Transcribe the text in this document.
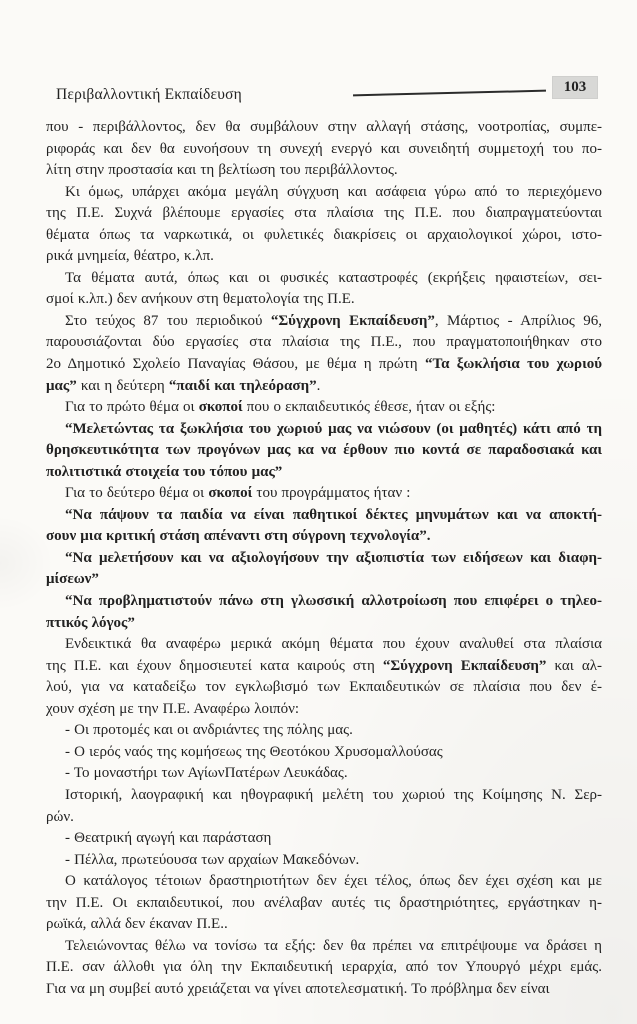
Περιβαλλοντική Εκπαίδευση	103
που - περιβάλλοντος, δεν θα συμβάλουν στην αλλαγή στάσης, νοοτροπίας, συμπε-
ριφοράς και δεν θα ευνοήσουν τη συνεχή ενεργό και συνειδητή συμμετοχή του πο-
λίτη στην προστασία και τη βελτίωση του περιβάλλοντος.
Κι όμως, υπάρχει ακόμα μεγάλη σύγχυση και ασάφεια γύρω από το περιεχόμενο
της Π.Ε. Συχνά βλέπουμε εργασίες στα πλαίσια της Π.Ε. που διαπραγματεύονται
θέματα όπως τα ναρκωτικά, οι φυλετικές διακρίσεις οι αρχαιολογικοί χώροι, ιστο-
ρικά μνημεία, θέατρο, κ.λπ.
Τα θέματα αυτά, όπως και οι φυσικές καταστροφές (εκρήξεις ηφαιστείων, σει-
σμοί κ.λπ.) δεν ανήκουν στη θεματολογία της Π.Ε.
Στο τεύχος 87 του περιοδικού “Σύγχρονη Εκπαίδευση”, Μάρτιος - Απρίλιος 96,
παρουσιάζονται δύο εργασίες στα πλαίσια της Π.Ε., που πραγματοποιήθηκαν στο
2ο Δημοτικό Σχολείο Παναγίας Θάσου, με θέμα η πρώτη “Τα ξωκλήσια του χωριού
μας” και η δεύτερη “παιδί και τηλεόραση”.
Για το πρώτο θέμα οι σκοποί που ο εκπαιδευτικός έθεσε, ήταν οι εξής:
“Μελετώντας τα ξωκλήσια του χωριού μας να νιώσουν (οι μαθητές) κάτι από τη
θρησκευτικότητα των προγόνων μας κα να έρθουν πιο κοντά σε παραδοσιακά και
πολιτιστικά στοιχεία του τόπου μας”
Για το δεύτερο θέμα οι σκοποί του προγράμματος ήταν :
“Να πάψουν τα παιδία να είναι παθητικοί δέκτες μηνυμάτων και να αποκτή-
σουν μια κριτική στάση απέναντι στη σύγρονη τεχνολογία”.
“Να μελετήσουν και να αξιολογήσουν την αξιοπιστία των ειδήσεων και διαφη-
μίσεων”
“Να προβληματιστούν πάνω στη γλωσσική αλλοτροίωση που επιφέρει ο τηλεο-
πτικός λόγος”
Ενδεικτικά θα αναφέρω μερικά ακόμη θέματα που έχουν αναλυθεί στα πλαίσια
της Π.Ε. και έχουν δημοσιευτεί κατα καιρούς στη “Σύγχρονη Εκπαίδευση” και αλ-
λού, για να καταδείξω τον εγκλωβισμό των Εκπαιδευτικών σε πλαίσια που δεν έ-
χουν σχέση με την Π.Ε. Αναφέρω λοιπόν:
- Οι προτομές και οι ανδριάντες της πόλης μας.
- Ο ιερός ναός της κομήσεως της Θεοτόκου Χρυσομαλλούσας
- Το μοναστήρι των ΑγίωνΠατέρων Λευκάδας.
Ιστορική, λαογραφική και ηθογραφική μελέτη του χωριού της Κοίμησης Ν. Σερ-
ρών.
- Θεατρική αγωγή και παράσταση
- Πέλλα, πρωτεύουσα των αρχαίων Μακεδόνων.
Ο κατάλογος τέτοιων δραστηριοτήτων δεν έχει τέλος, όπως δεν έχει σχέση και με
την Π.Ε. Οι εκπαιδευτικοί, που ανέλαβαν αυτές τις δραστηριότητες, εργάστηκαν η-
ρωϊκά, αλλά δεν έκαναν Π.Ε..
Τελειώνοντας θέλω να τονίσω τα εξής: δεν θα πρέπει να επιτρέψουμε να δράσει η
Π.Ε. σαν άλλοθι για όλη την Εκπαιδευτική ιεραρχία, από τον Υπουργό μέχρι εμάς.
Για να μη συμβεί αυτό χρειάζεται να γίνει αποτελεσματική. Το πρόβλημα δεν είναι
